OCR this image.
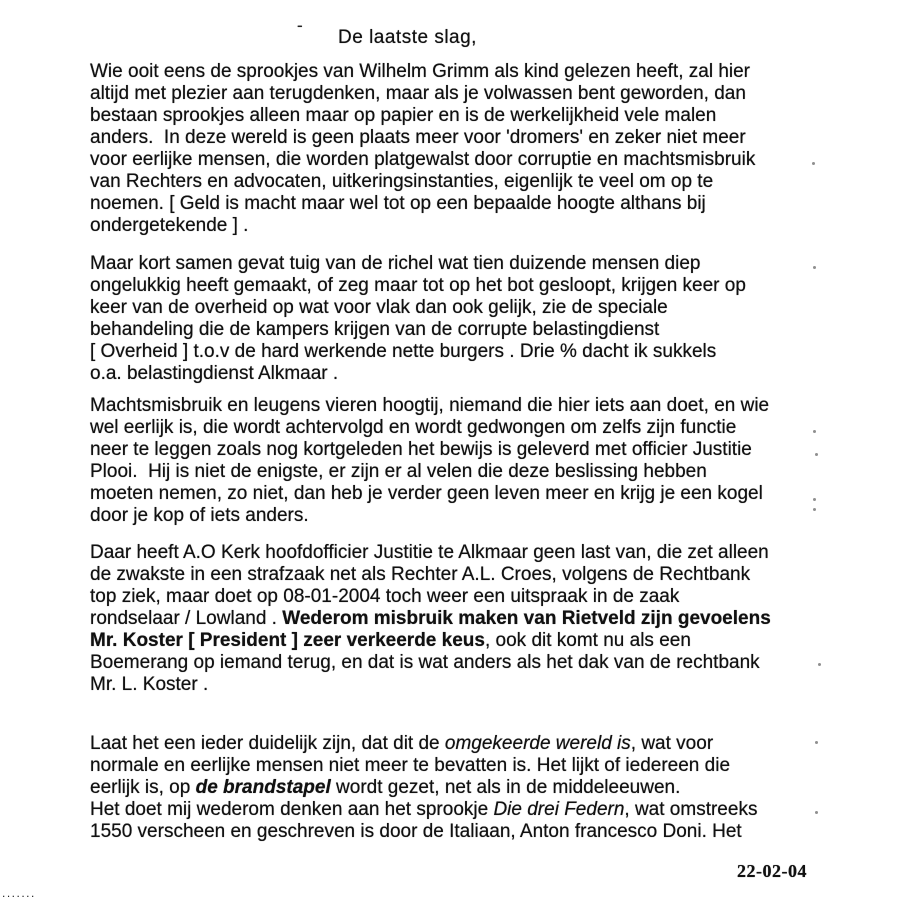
-
De laatste slag,
Wie ooit eens de sprookjes van Wilhelm Grimm als kind gelezen heeft, zal hier
altijd met plezier aan terugdenken, maar als je volwassen bent geworden, dan
bestaan sprookjes alleen maar op papier en is de werkelijkheid vele malen
anders.  In deze wereld is geen plaats meer voor 'dromers' en zeker niet meer
voor eerlijke mensen, die worden platgewalst door corruptie en machtsmisbruik
van Rechters en advocaten, uitkeringsinstanties, eigenlijk te veel om op te
noemen. [ Geld is macht maar wel tot op een bepaalde hoogte althans bij
ondergetekende ] .
Maar kort samen gevat tuig van de richel wat tien duizende mensen diep
ongelukkig heeft gemaakt, of zeg maar tot op het bot gesloopt, krijgen keer op
keer van de overheid op wat voor vlak dan ook gelijk, zie de speciale
behandeling die de kampers krijgen van de corrupte belastingdienst
[ Overheid ] t.o.v de hard werkende nette burgers . Drie % dacht ik sukkels
o.a. belastingdienst Alkmaar .
Machtsmisbruik en leugens vieren hoogtij, niemand die hier iets aan doet, en wie
wel eerlijk is, die wordt achtervolgd en wordt gedwongen om zelfs zijn functie
neer te leggen zoals nog kortgeleden het bewijs is geleverd met officier Justitie
Plooi.  Hij is niet de enigste, er zijn er al velen die deze beslissing hebben
moeten nemen, zo niet, dan heb je verder geen leven meer en krijg je een kogel
door je kop of iets anders.
Daar heeft A.O Kerk hoofdofficier Justitie te Alkmaar geen last van, die zet alleen
de zwakste in een strafzaak net als Rechter A.L. Croes, volgens de Rechtbank
top ziek, maar doet op 08-01-2004 toch weer een uitspraak in de zaak
rondselaar / Lowland . Wederom misbruik maken van Rietveld zijn gevoelens
Mr. Koster [ President ] zeer verkeerde keus, ook dit komt nu als een
Boemerang op iemand terug, en dat is wat anders als het dak van de rechtbank
Mr. L. Koster .
Laat het een ieder duidelijk zijn, dat dit de omgekeerde wereld is, wat voor
normale en eerlijke mensen niet meer te bevatten is. Het lijkt of iedereen die
eerlijk is, op de brandstapel wordt gezet, net als in de middeleeuwen.
Het doet mij wederom denken aan het sprookje Die drei Federn, wat omstreeks
1550 verscheen en geschreven is door de Italiaan, Anton francesco Doni. Het
22-02-04
.......
